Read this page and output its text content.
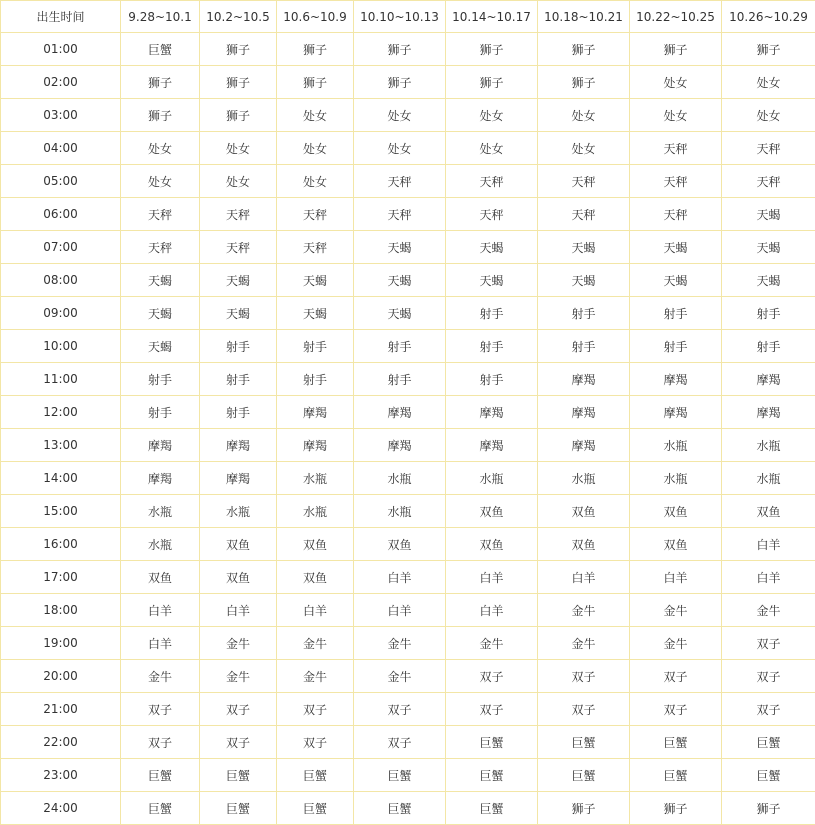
出生时间	9.28~10.1	10.2~10.5	10.6~10.9	10.10~10.13	10.14~10.17	10.18~10.21	10.22~10.25	10.26~10.29
01:00	巨蟹	狮子	狮子	狮子	狮子	狮子	狮子	狮子
02:00	狮子	狮子	狮子	狮子	狮子	狮子	处女	处女
03:00	狮子	狮子	处女	处女	处女	处女	处女	处女
04:00	处女	处女	处女	处女	处女	处女	天秤	天秤
05:00	处女	处女	处女	天秤	天秤	天秤	天秤	天秤
06:00	天秤	天秤	天秤	天秤	天秤	天秤	天秤	天蝎
07:00	天秤	天秤	天秤	天蝎	天蝎	天蝎	天蝎	天蝎
08:00	天蝎	天蝎	天蝎	天蝎	天蝎	天蝎	天蝎	天蝎
09:00	天蝎	天蝎	天蝎	天蝎	射手	射手	射手	射手
10:00	天蝎	射手	射手	射手	射手	射手	射手	射手
11:00	射手	射手	射手	射手	射手	摩羯	摩羯	摩羯
12:00	射手	射手	摩羯	摩羯	摩羯	摩羯	摩羯	摩羯
13:00	摩羯	摩羯	摩羯	摩羯	摩羯	摩羯	水瓶	水瓶
14:00	摩羯	摩羯	水瓶	水瓶	水瓶	水瓶	水瓶	水瓶
15:00	水瓶	水瓶	水瓶	水瓶	双鱼	双鱼	双鱼	双鱼
16:00	水瓶	双鱼	双鱼	双鱼	双鱼	双鱼	双鱼	白羊
17:00	双鱼	双鱼	双鱼	白羊	白羊	白羊	白羊	白羊
18:00	白羊	白羊	白羊	白羊	白羊	金牛	金牛	金牛
19:00	白羊	金牛	金牛	金牛	金牛	金牛	金牛	双子
20:00	金牛	金牛	金牛	金牛	双子	双子	双子	双子
21:00	双子	双子	双子	双子	双子	双子	双子	双子
22:00	双子	双子	双子	双子	巨蟹	巨蟹	巨蟹	巨蟹
23:00	巨蟹	巨蟹	巨蟹	巨蟹	巨蟹	巨蟹	巨蟹	巨蟹
24:00	巨蟹	巨蟹	巨蟹	巨蟹	巨蟹	狮子	狮子	狮子
